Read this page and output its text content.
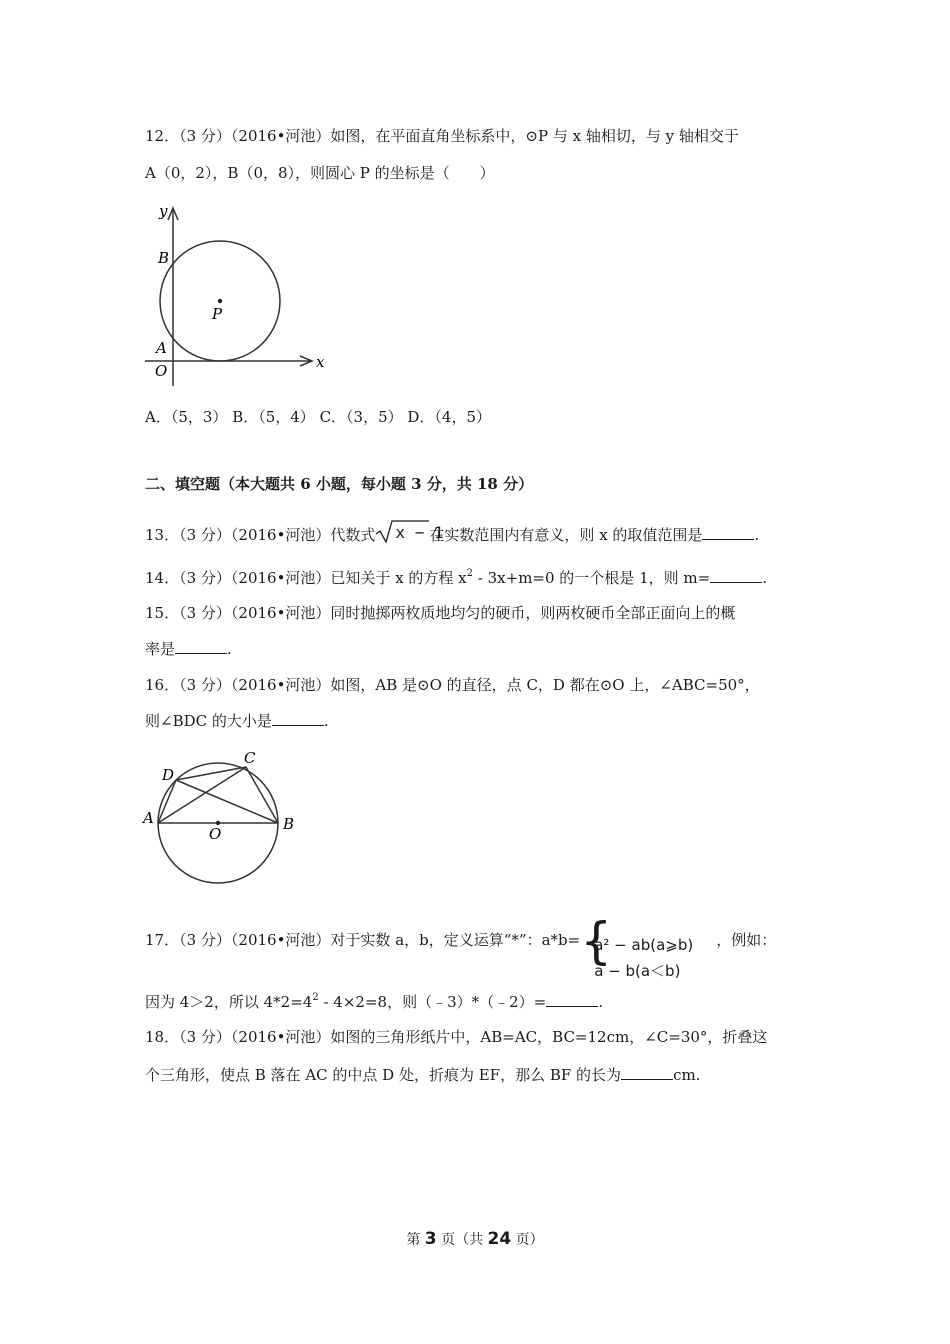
12．（3 分）（2016•河池）如图，在平面直角坐标系中，⊙P 与 x 轴相切，与 y 轴相交于
A（0，2），B（0，8），则圆心 P 的坐标是（　　）
y
x
B
P
A
O
A．（5，3） B．（5，4） C．（3，5） D．（4，5）
二、填空题（本大题共 6 小题，每小题 3 分，共 18 分）
13．（3 分）（2016•河池）代数式 x − 1
在实数范围内有意义，则 x 的取值范围是	.
14．（3 分）（2016•河池）已知关于 x 的方程 $x^2 - 3x+m=0$ 的一个根是 1，则 m=	.
15．（3 分）（2016•河池）同时抛掷两枚质地均匀的硬币，则两枚硬币全部正面向上的概
率是	.
16．（3 分）（2016•河池）如图，AB 是⊙O 的直径，点 C，D 都在⊙O 上，∠ABC=50°，
则∠BDC 的大小是	.
D
C
A
O
B
17．（3 分）（2016•河池）对于实数 a，b，定义运算“*”：a*b= {
a² − ab(a⩾b)
a − b(a＜b)
，例如：
因为 4＞2，所以 $4*2=4^2 - 4\times 2=8$，则（﹣3）*（﹣2）=	.
18．（3 分）（2016•河池）如图的三角形纸片中，AB=AC，BC=12cm，∠C=30°，折叠这
个三角形，使点 B 落在 AC 的中点 D 处，折痕为 EF，那么 BF 的长为	cm.
第 3 页（共 24 页）
